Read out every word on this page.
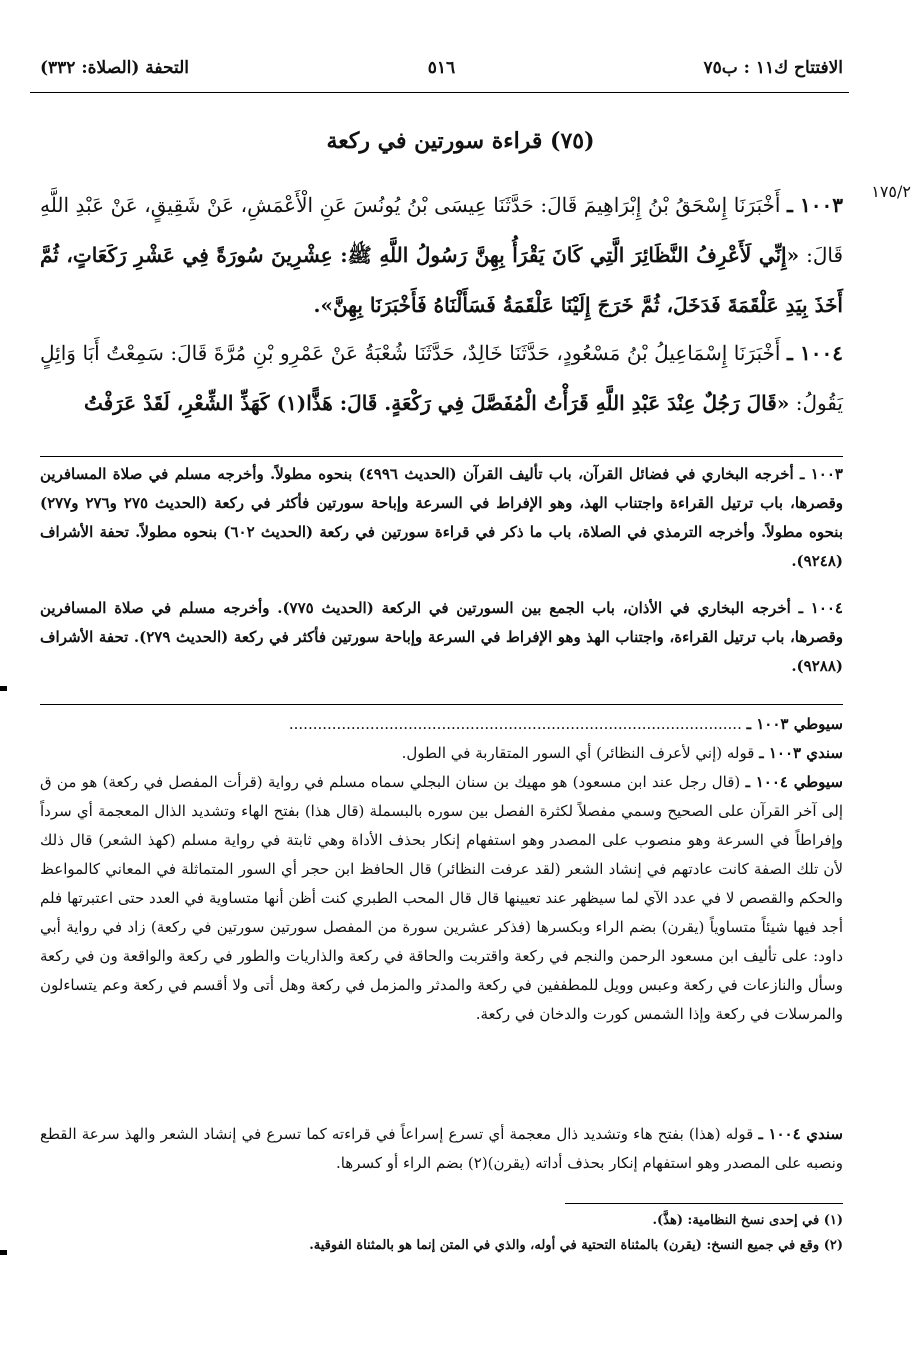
الافتتاح ك١١ : ب٧٥
٥١٦
التحفة (الصلاة: ٣٣٢)
(٧٥) قراءة سورتين في ركعة
١٧٥/٢

١٠٠٣ ـ أَخْبَرَنَا إِسْحَقُ بْنُ إِبْرَاهِيمَ قَالَ: حَدَّثَنَا عِيسَى بْنُ يُونُسَ عَنِ الْأَعْمَشِ، عَنْ شَقِيقٍ، عَنْ عَبْدِ اللَّهِ قَالَ: «إِنِّي لَأَعْرِفُ النَّظَائِرَ الَّتِي كَانَ يَقْرَأُ بِهِنَّ رَسُولُ اللَّهِ ﷺ: عِشْرِينَ سُورَةً فِي عَشْرِ رَكَعَاتٍ، ثُمَّ أَخَذَ بِيَدِ عَلْقَمَةَ فَدَخَلَ، ثُمَّ خَرَجَ إِلَيْنَا عَلْقَمَةُ فَسَأَلْنَاهُ فَأَخْبَرَنَا بِهِنَّ».

١٠٠٤ ـ أَخْبَرَنَا إِسْمَاعِيلُ بْنُ مَسْعُودٍ، حَدَّثَنَا خَالِدٌ، حَدَّثَنَا شُعْبَةُ عَنْ عَمْرِو بْنِ مُرَّةَ قَالَ: سَمِعْتُ أَبَا وَائِلٍ يَقُولُ: «قَالَ رَجُلٌ عِنْدَ عَبْدِ اللَّهِ قَرَأْتُ الْمُفَصَّلَ فِي رَكْعَةٍ. قَالَ: هَذًّا(١) كَهَذِّ الشِّعْرِ، لَقَدْ عَرَفْتُ

١٠٠٣ ـ أخرجه البخاري في فضائل القرآن، باب تأليف القرآن (الحديث ٤٩٩٦) بنحوه مطولاً. وأخرجه مسلم في صلاة المسافرين وقصرها، باب ترتيل القراءة واجتناب الهذ، وهو الإفراط في السرعة وإباحة سورتين فأكثر في ركعة (الحديث ٢٧٥ و٢٧٦ و٢٧٧) بنحوه مطولاً. وأخرجه الترمذي في الصلاة، باب ما ذكر في قراءة سورتين في ركعة (الحديث ٦٠٢) بنحوه مطولاً. تحفة الأشراف (٩٢٤٨).

١٠٠٤ ـ أخرجه البخاري في الأذان، باب الجمع بين السورتين في الركعة (الحديث ٧٧٥). وأخرجه مسلم في صلاة المسافرين وقصرها، باب ترتيل القراءة، واجتناب الهذ وهو الإفراط في السرعة وإباحة سورتين فأكثر في ركعة (الحديث ٢٧٩). تحفة الأشراف (٩٢٨٨).

سيوطي ١٠٠٣ ـ ...............................................................................................

سندي ١٠٠٣ ـ قوله (إني لأعرف النظائر) أي السور المتقاربة في الطول.

سيوطي ١٠٠٤ ـ (قال رجل عند ابن مسعود) هو مهيك بن سنان البجلي سماه مسلم في رواية (قرأت المفصل في ركعة) هو من ق إلى آخر القرآن على الصحيح وسمي مفصلاً لكثرة الفصل بين سوره بالبسملة (قال هذا) بفتح الهاء وتشديد الذال المعجمة أي سرداً وإفراطاً في السرعة وهو منصوب على المصدر وهو استفهام إنكار بحذف الأداة وهي ثابتة في رواية مسلم (كهذ الشعر) قال ذلك لأن تلك الصفة كانت عادتهم في إنشاد الشعر (لقد عرفت النظائر) قال الحافظ ابن حجر أي السور المتماثلة في المعاني كالمواعظ والحكم والقصص لا في عدد الآي لما سيظهر عند تعيينها قال قال المحب الطبري كنت أظن أنها متساوية في العدد حتى اعتبرتها فلم أجد فيها شيئاً متساوياً (يقرن) بضم الراء وبكسرها (فذكر عشرين سورة من المفصل سورتين سورتين في ركعة) زاد في رواية أبي داود: على تأليف ابن مسعود الرحمن والنجم في ركعة واقتربت والحاقة في ركعة والذاريات والطور في ركعة والواقعة ون في ركعة وسأل والنازعات في ركعة وعبس وويل للمطففين في ركعة والمدثر والمزمل في ركعة وهل أتى ولا أقسم في ركعة وعم يتساءلون والمرسلات في ركعة وإذا الشمس كورت والدخان في ركعة.

سندي ١٠٠٤ ـ قوله (هذا) بفتح هاء وتشديد ذال معجمة أي تسرع إسراعاً في قراءته كما تسرع في إنشاد الشعر والهذ سرعة القطع ونصبه على المصدر وهو استفهام إنكار بحذف أداته (يقرن)(٢) بضم الراء أو كسرها.

(١) في إحدى نسخ النظامية: (هذَّ).

(٢) وقع في جميع النسخ: (يقرن) بالمثناة التحتية في أوله، والذي في المتن إنما هو بالمثناة الفوقية.
